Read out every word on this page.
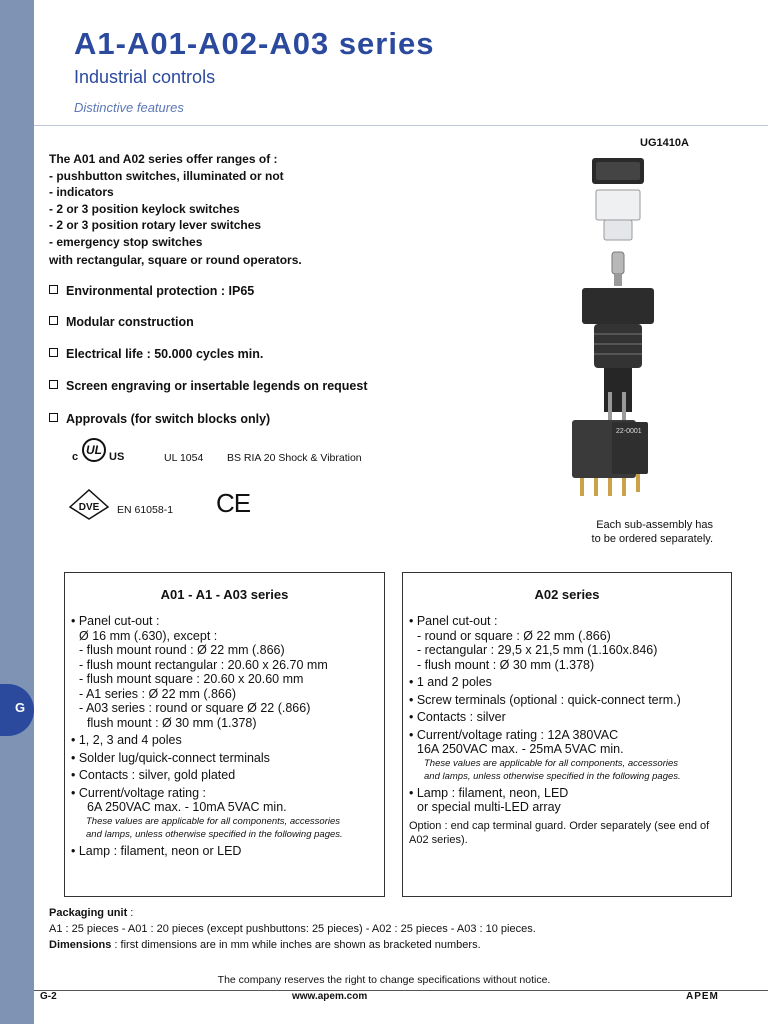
G
A1-A01-A02-A03 series
Industrial controls
Distinctive features
UG1410A
The A01 and A02 series offer ranges of :
- pushbutton switches, illuminated or not
- indicators
- 2 or 3 position keylock switches
- 2 or 3 position rotary lever switches
- emergency stop switches
with rectangular, square or round operators.
Environmental protection : IP65
Modular construction
Electrical life : 50.000 cycles min.
Screen engraving or insertable legends on request
Approvals (for switch blocks only)
c UL US	UL 1054 BS RIA 20 Shock & Vibration
DVE EN 61058-1 CE
22-0001
Each sub-assembly has
to be ordered separately.
A01 - A1 - A03 series
• Panel cut-out :
Ø 16 mm (.630), except :
- flush mount round : Ø 22 mm (.866)
- flush mount rectangular : 20.60 x 26.70 mm
- flush mount square : 20.60 x 20.60 mm
- A1 series : Ø 22 mm (.866)
- A03 series : round or square Ø 22 (.866)
flush mount : Ø 30 mm (1.378)
• 1, 2, 3 and 4 poles
• Solder lug/quick-connect terminals
• Contacts : silver, gold plated
• Current/voltage rating :
6A 250VAC max. - 10mA 5VAC min.
These values are applicable for all components, accessories
and lamps, unless otherwise specified in the following pages.
• Lamp : filament, neon or LED
A02 series
• Panel cut-out :
- round or square : Ø 22 mm (.866)
- rectangular : 29,5 x 21,5 mm (1.160x.846)
- flush mount : Ø 30 mm (1.378)
• 1 and 2 poles
• Screw terminals (optional : quick-connect term.)
• Contacts : silver
• Current/voltage rating : 12A 380VAC
16A 250VAC max. - 25mA 5VAC min.
These values are applicable for all components, accessories
and lamps, unless otherwise specified in the following pages.
• Lamp : filament, neon, LED
or special multi-LED array
Option : end cap terminal guard. Order separately (see end of A02 series).
Packaging unit :
A1 : 25 pieces - A01 : 20 pieces (except pushbuttons: 25 pieces) - A02 : 25 pieces - A03 : 10 pieces.
Dimensions : first dimensions are in mm while inches are shown as bracketed numbers.
The company reserves the right to change specifications without notice.
G-2	www.apem.com	APEM
